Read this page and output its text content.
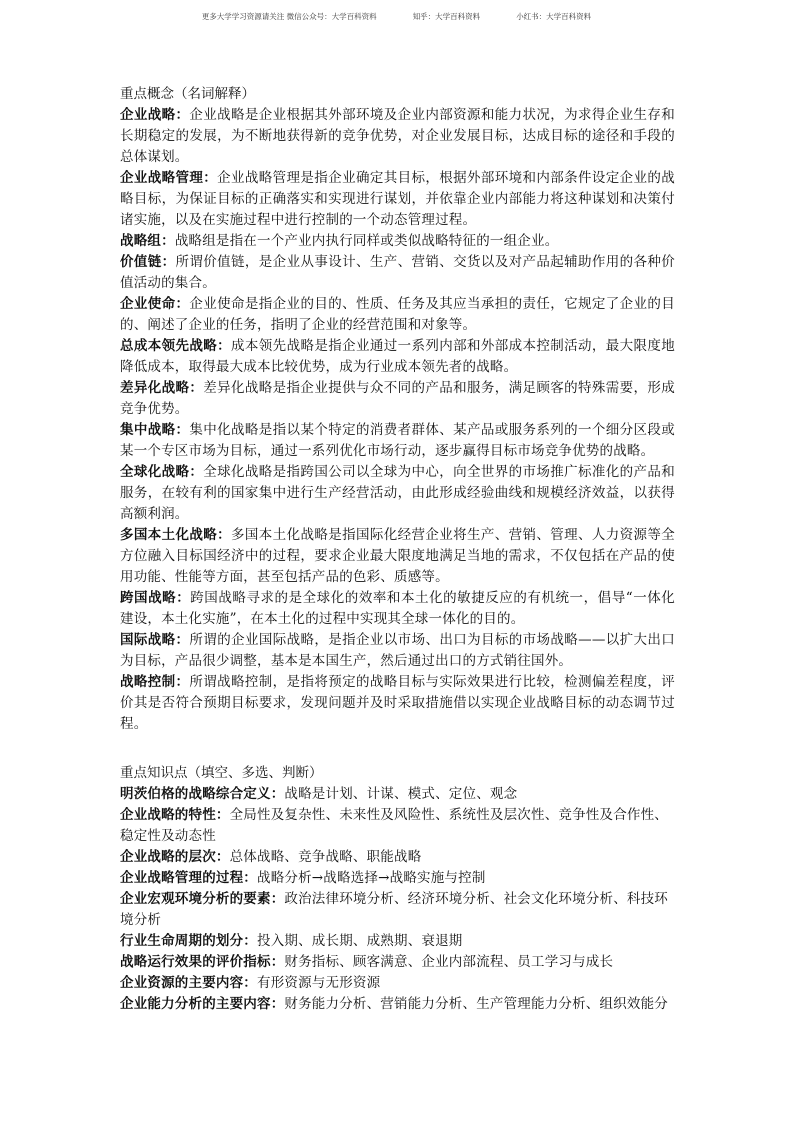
更多大学学习资源请关注 微信公众号：大学百科资料	知乎：大学百科资料	小红书：大学百科资料

重点概念（名词解释）

企业战略：企业战略是企业根据其外部环境及企业内部资源和能力状况，为求得企业生存和长期稳定的发展，为不断地获得新的竞争优势，对企业发展目标，达成目标的途径和手段的总体谋划。

企业战略管理：企业战略管理是指企业确定其目标，根据外部环境和内部条件设定企业的战略目标，为保证目标的正确落实和实现进行谋划，并依靠企业内部能力将这种谋划和决策付诸实施，以及在实施过程中进行控制的一个动态管理过程。

战略组：战略组是指在一个产业内执行同样或类似战略特征的一组企业。

价值链：所谓价值链，是企业从事设计、生产、营销、交货以及对产品起辅助作用的各种价值活动的集合。

企业使命：企业使命是指企业的目的、性质、任务及其应当承担的责任，它规定了企业的目的、阐述了企业的任务，指明了企业的经营范围和对象等。

总成本领先战略：成本领先战略是指企业通过一系列内部和外部成本控制活动，最大限度地降低成本，取得最大成本比较优势，成为行业成本领先者的战略。

差异化战略：差异化战略是指企业提供与众不同的产品和服务，满足顾客的特殊需要，形成竞争优势。

集中战略：集中化战略是指以某个特定的消费者群体、某产品或服务系列的一个细分区段或某一个专区市场为目标，通过一系列优化市场行动，逐步赢得目标市场竞争优势的战略。

全球化战略：全球化战略是指跨国公司以全球为中心，向全世界的市场推广标准化的产品和服务，在较有利的国家集中进行生产经营活动，由此形成经验曲线和规模经济效益，以获得高额利润。

多国本土化战略：多国本土化战略是指国际化经营企业将生产、营销、管理、人力资源等全方位融入目标国经济中的过程，要求企业最大限度地满足当地的需求，不仅包括在产品的使用功能、性能等方面，甚至包括产品的色彩、质感等。

跨国战略：跨国战略寻求的是全球化的效率和本土化的敏捷反应的有机统一，倡导“一体化建设，本土化实施”，在本土化的过程中实现其全球一体化的目的。

国际战略：所谓的企业国际战略，是指企业以市场、出口为目标的市场战略——以扩大出口为目标，产品很少调整，基本是本国生产，然后通过出口的方式销往国外。

战略控制：所谓战略控制，是指将预定的战略目标与实际效果进行比较，检测偏差程度，评价其是否符合预期目标要求，发现问题并及时采取措施借以实现企业战略目标的动态调节过程。

重点知识点（填空、多选、判断）

明茨伯格的战略综合定义：战略是计划、计谋、模式、定位、观念

企业战略的特性：全局性及复杂性、未来性及风险性、系统性及层次性、竞争性及合作性、稳定性及动态性

企业战略的层次：总体战略、竞争战略、职能战略

企业战略管理的过程：战略分析→战略选择→战略实施与控制

企业宏观环境分析的要素：政治法律环境分析、经济环境分析、社会文化环境分析、科技环境分析

行业生命周期的划分：投入期、成长期、成熟期、衰退期

战略运行效果的评价指标：财务指标、顾客满意、企业内部流程、员工学习与成长

企业资源的主要内容：有形资源与无形资源

企业能力分析的主要内容：财务能力分析、营销能力分析、生产管理能力分析、组织效能分
